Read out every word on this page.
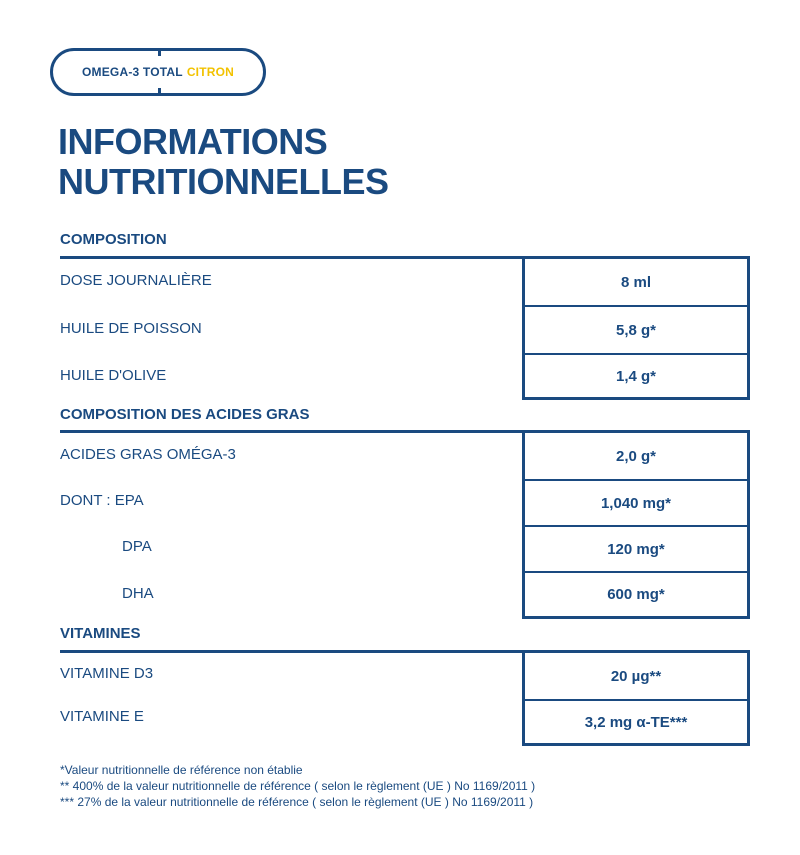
OMEGA-3 TOTAL CITRON
INFORMATIONS
NUTRITIONNELLES
COMPOSITION
DOSE JOURNALIÈRE
HUILE DE POISSON
HUILE D'OLIVE
8 ml
5,8 g*
1,4 g*
COMPOSITION DES ACIDES GRAS
ACIDES GRAS OMÉGA-3
DONT : EPA
DPA
DHA
2,0 g*
1,040 mg*
120 mg*
600 mg*
VITAMINES
VITAMINE D3
VITAMINE E
20 µg**
3,2 mg α-TE***
*Valeur nutritionnelle de référence non établie
** 400% de la valeur nutritionnelle de référence ( selon le règlement (UE ) No 1169/2011 )
*** 27% de la valeur nutritionnelle de référence ( selon le règlement (UE ) No 1169/2011 )
